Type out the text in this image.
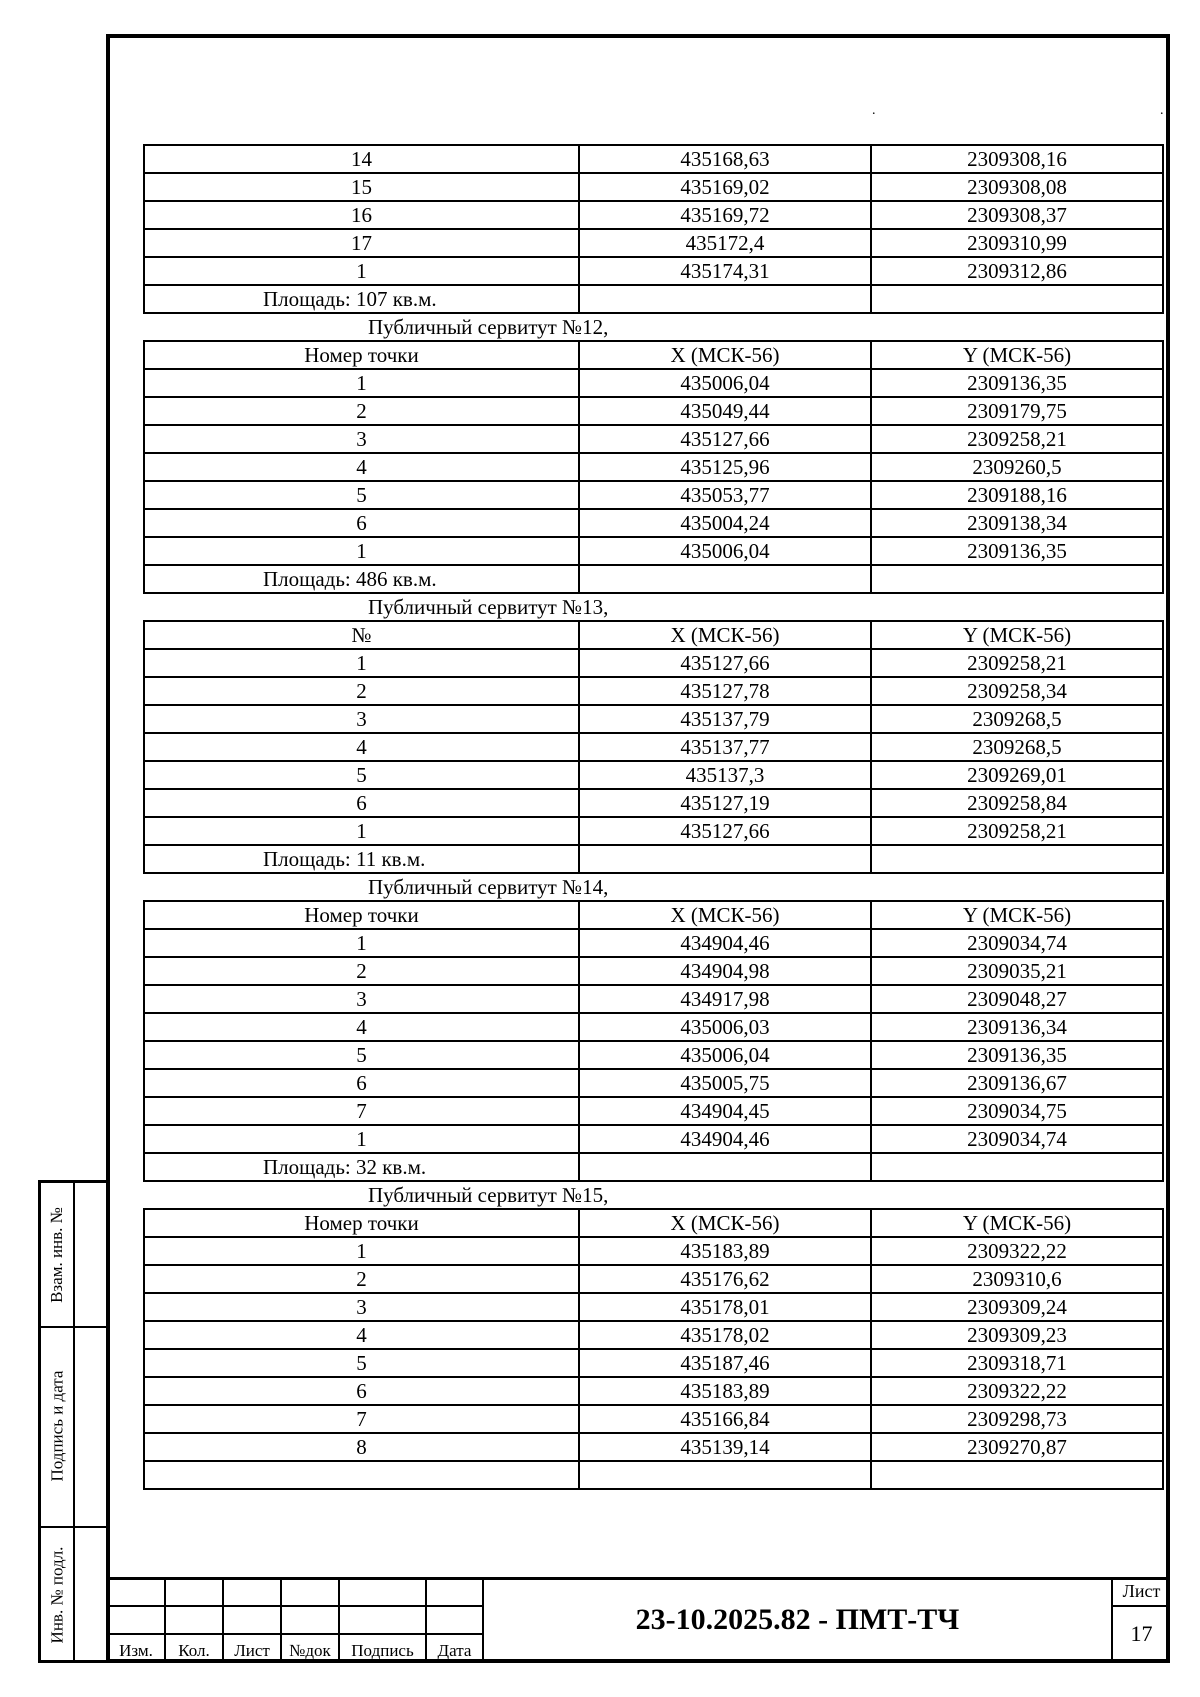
.	.
14	435168,63	2309308,16
15	435169,02	2309308,08
16	435169,72	2309308,37
17	435172,4	2309310,99
1	435174,31	2309312,86
Площадь: 107 кв.м.		
Публичный сервитут №12,		
Номер точки	X (МСК-56)	Y (МСК-56)
1	435006,04	2309136,35
2	435049,44	2309179,75
3	435127,66	2309258,21
4	435125,96	2309260,5
5	435053,77	2309188,16
6	435004,24	2309138,34
1	435006,04	2309136,35
Площадь: 486 кв.м.		
Публичный сервитут №13,		
№	X (МСК-56)	Y (МСК-56)
1	435127,66	2309258,21
2	435127,78	2309258,34
3	435137,79	2309268,5
4	435137,77	2309268,5
5	435137,3	2309269,01
6	435127,19	2309258,84
1	435127,66	2309258,21
Площадь: 11 кв.м.		
Публичный сервитут №14,		
Номер точки	X (МСК-56)	Y (МСК-56)
1	434904,46	2309034,74
2	434904,98	2309035,21
3	434917,98	2309048,27
4	435006,03	2309136,34
5	435006,04	2309136,35
6	435005,75	2309136,67
7	434904,45	2309034,75
1	434904,46	2309034,74
Площадь: 32 кв.м.		
Публичный сервитут №15,		
Номер точки	X (МСК-56)	Y (МСК-56)
1	435183,89	2309322,22
2	435176,62	2309310,6
3	435178,01	2309309,24
4	435178,02	2309309,23
5	435187,46	2309318,71
6	435183,89	2309322,22
7	435166,84	2309298,73
8	435139,14	2309270,87

Взам. инв. №
Подпись и дата
Инв. № подл.

Изм.	Кол.	Лист	№док	Подпись	Дата
23-10.2025.82 - ПМТ-ТЧ
Лист
17
